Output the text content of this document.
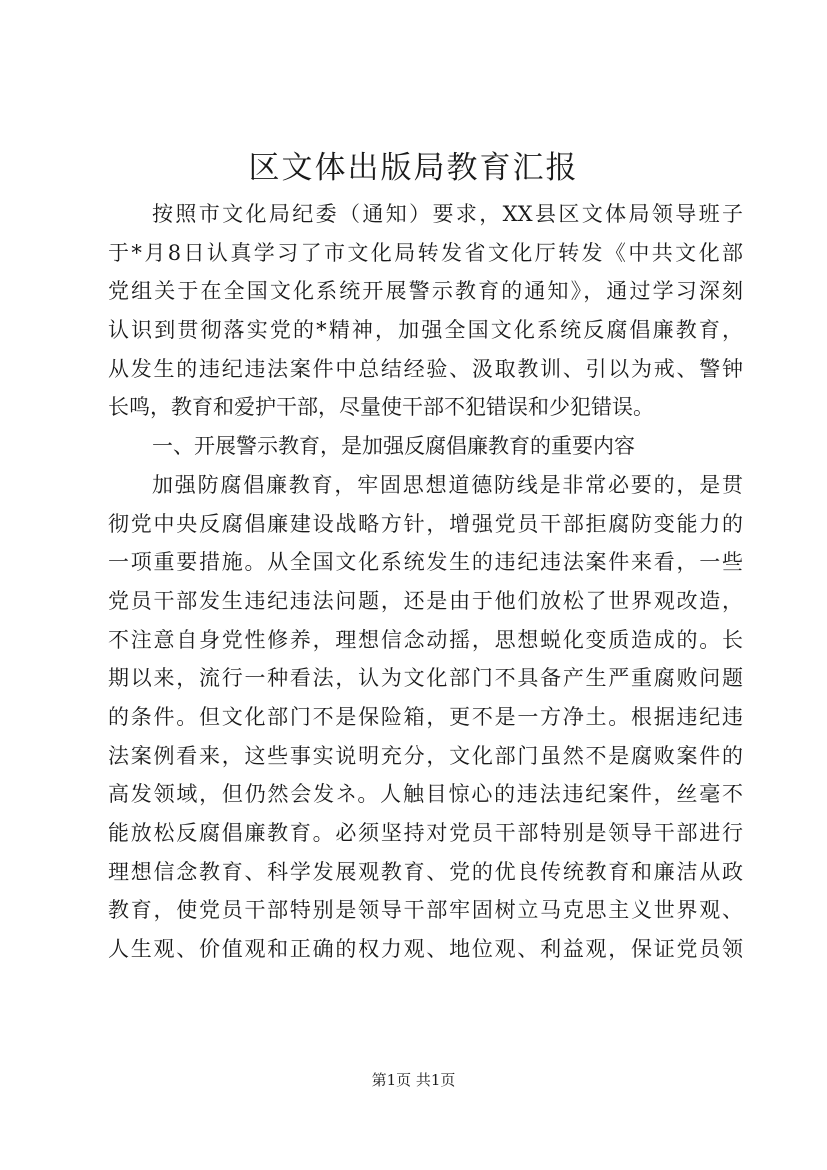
区文体出版局教育汇报
按照市文化局纪委（通知）要求，XX县区文体局领导班子
于*月8日认真学习了市文化局转发省文化厅转发《中共文化部
党组关于在全国文化系统开展警示教育的通知》，通过学习深刻
认识到贯彻落实党的*精神，加强全国文化系统反腐倡廉教育，
从发生的违纪违法案件中总结经验、汲取教训、引以为戒、警钟
长鸣，教育和爱护干部，尽量使干部不犯错误和少犯错误。
一、开展警示教育，是加强反腐倡廉教育的重要内容
加强防腐倡廉教育，牢固思想道德防线是非常必要的，是贯
彻党中央反腐倡廉建设战略方针，增强党员干部拒腐防变能力的
一项重要措施。从全国文化系统发生的违纪违法案件来看，一些
党员干部发生违纪违法问题，还是由于他们放松了世界观改造，
不注意自身党性修养，理想信念动摇，思想蜕化变质造成的。长
期以来，流行一种看法，认为文化部门不具备产生严重腐败问题
的条件。但文化部门不是保险箱，更不是一方净土。根据违纪违
法案例看来，这些事实说明充分，文化部门虽然不是腐败案件的
高发领域，但仍然会发ネ。人触目惊心的违法违纪案件，丝毫不
能放松反腐倡廉教育。必须坚持对党员干部特别是领导干部进行
理想信念教育、科学发展观教育、党的优良传统教育和廉洁从政
教育，使党员干部特别是领导干部牢固树立马克思主义世界观、
人生观、价值观和正确的权力观、地位观、利益观，保证党员领
第1页 共1页
